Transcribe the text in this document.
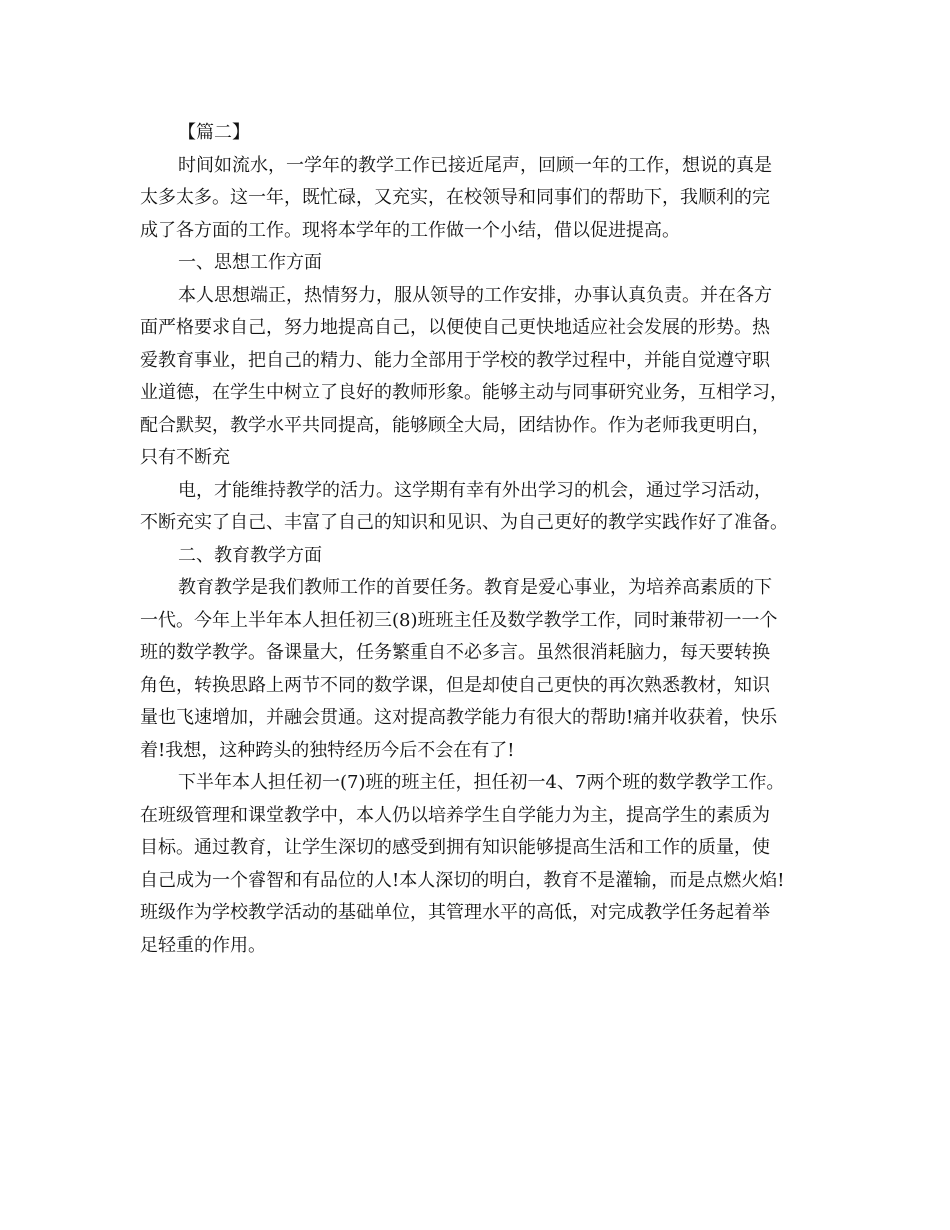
【篇二】
时间如流水，一学年的教学工作已接近尾声，回顾一年的工作，想说的真是
太多太多。这一年，既忙碌，又充实，在校领导和同事们的帮助下，我顺利的完
成了各方面的工作。现将本学年的工作做一个小结，借以促进提高。
一、思想工作方面
本人思想端正，热情努力，服从领导的工作安排，办事认真负责。并在各方
面严格要求自己，努力地提高自己，以便使自己更快地适应社会发展的形势。热
爱教育事业，把自己的精力、能力全部用于学校的教学过程中，并能自觉遵守职
业道德，在学生中树立了良好的教师形象。能够主动与同事研究业务，互相学习，
配合默契，教学水平共同提高，能够顾全大局，团结协作。作为老师我更明白，
只有不断充
电，才能维持教学的活力。这学期有幸有外出学习的机会，通过学习活动，
不断充实了自己、丰富了自己的知识和见识、为自己更好的教学实践作好了准备。
二、教育教学方面
教育教学是我们教师工作的首要任务。教育是爱心事业，为培养高素质的下
一代。今年上半年本人担任初三(8)班班主任及数学教学工作，同时兼带初一一个
班的数学教学。备课量大，任务繁重自不必多言。虽然很消耗脑力，每天要转换
角色，转换思路上两节不同的数学课，但是却使自己更快的再次熟悉教材，知识
量也飞速增加，并融会贯通。这对提高教学能力有很大的帮助!痛并收获着，快乐
着!我想，这种跨头的独特经历今后不会在有了!
下半年本人担任初一(7)班的班主任，担任初一4、7两个班的数学教学工作。
在班级管理和课堂教学中，本人仍以培养学生自学能力为主，提高学生的素质为
目标。通过教育，让学生深切的感受到拥有知识能够提高生活和工作的质量，使
自己成为一个睿智和有品位的人!本人深切的明白，教育不是灌输，而是点燃火焰!
班级作为学校教学活动的基础单位，其管理水平的高低，对完成教学任务起着举
足轻重的作用。
